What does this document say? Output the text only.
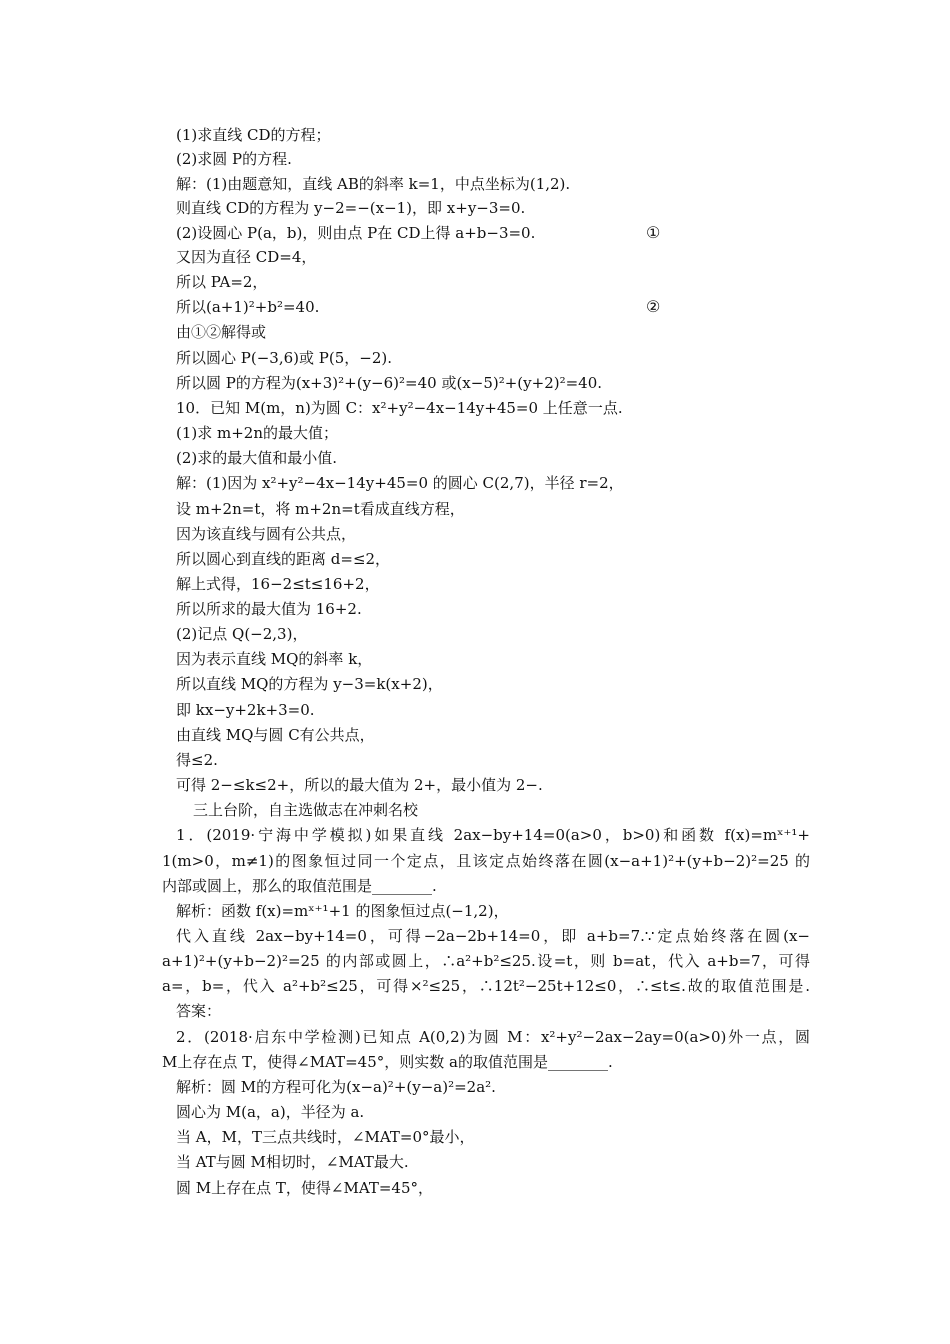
(1)求直线 CD的方程；
(2)求圆 P的方程.
解：(1)由题意知，直线 AB的斜率 k=1，中点坐标为(1,2).
则直线 CD的方程为 y−2=−(x−1)，即 x+y−3=0.
(2)设圆心 P(a，b)，则由点 P在 CD上得 a+b−3=0.	①
又因为直径 CD=4，
所以 PA=2，
所以(a+1)²+b²=40.	②
由①②解得或
所以圆心 P(−3,6)或 P(5，−2).
所以圆 P的方程为(x+3)²+(y−6)²=40 或(x−5)²+(y+2)²=40.
10．已知 M(m，n)为圆 C：x²+y²−4x−14y+45=0 上任意一点.
(1)求 m+2n的最大值；
(2)求的最大值和最小值.
解：(1)因为 x²+y²−4x−14y+45=0 的圆心 C(2,7)，半径 r=2，
设 m+2n=t，将 m+2n=t看成直线方程，
因为该直线与圆有公共点，
所以圆心到直线的距离 d=≤2，
解上式得，16−2≤t≤16+2，
所以所求的最大值为 16+2.
(2)记点 Q(−2,3)，
因为表示直线 MQ的斜率 k，
所以直线 MQ的方程为 y−3=k(x+2)，
即 kx−y+2k+3=0.
由直线 MQ与圆 C有公共点，
得≤2.
可得 2−≤k≤2+，所以的最大值为 2+，最小值为 2−.
三上台阶，自主选做志在冲刺名校
1．(2019·宁海中学模拟)如果直线 2ax−by+14=0(a>0，b>0)和函数 f(x)=mˣ⁺¹+
1(m>0，m≠1)的图象恒过同一个定点，且该定点始终落在圆(x−a+1)²+(y+b−2)²=25 的
内部或圆上，那么的取值范围是________.
解析：函数 f(x)=mˣ⁺¹+1 的图象恒过点(−1,2)，
代入直线 2ax−by+14=0，可得−2a−2b+14=0，即 a+b=7.∵定点始终落在圆(x−
a+1)²+(y+b−2)²=25 的内部或圆上，∴a²+b²≤25.设=t，则 b=at，代入 a+b=7，可得
a=，b=，代入 a²+b²≤25，可得×²≤25，∴12t²−25t+12≤0，∴≤t≤.故的取值范围是.
答案：
2．(2018·启东中学检测)已知点 A(0,2)为圆 M：x²+y²−2ax−2ay=0(a>0)外一点，圆
M上存在点 T，使得∠MAT=45°，则实数 a的取值范围是________.
解析：圆 M的方程可化为(x−a)²+(y−a)²=2a².
圆心为 M(a，a)，半径为 a.
当 A，M，T三点共线时，∠MAT=0°最小，
当 AT与圆 M相切时，∠MAT最大.
圆 M上存在点 T，使得∠MAT=45°，
